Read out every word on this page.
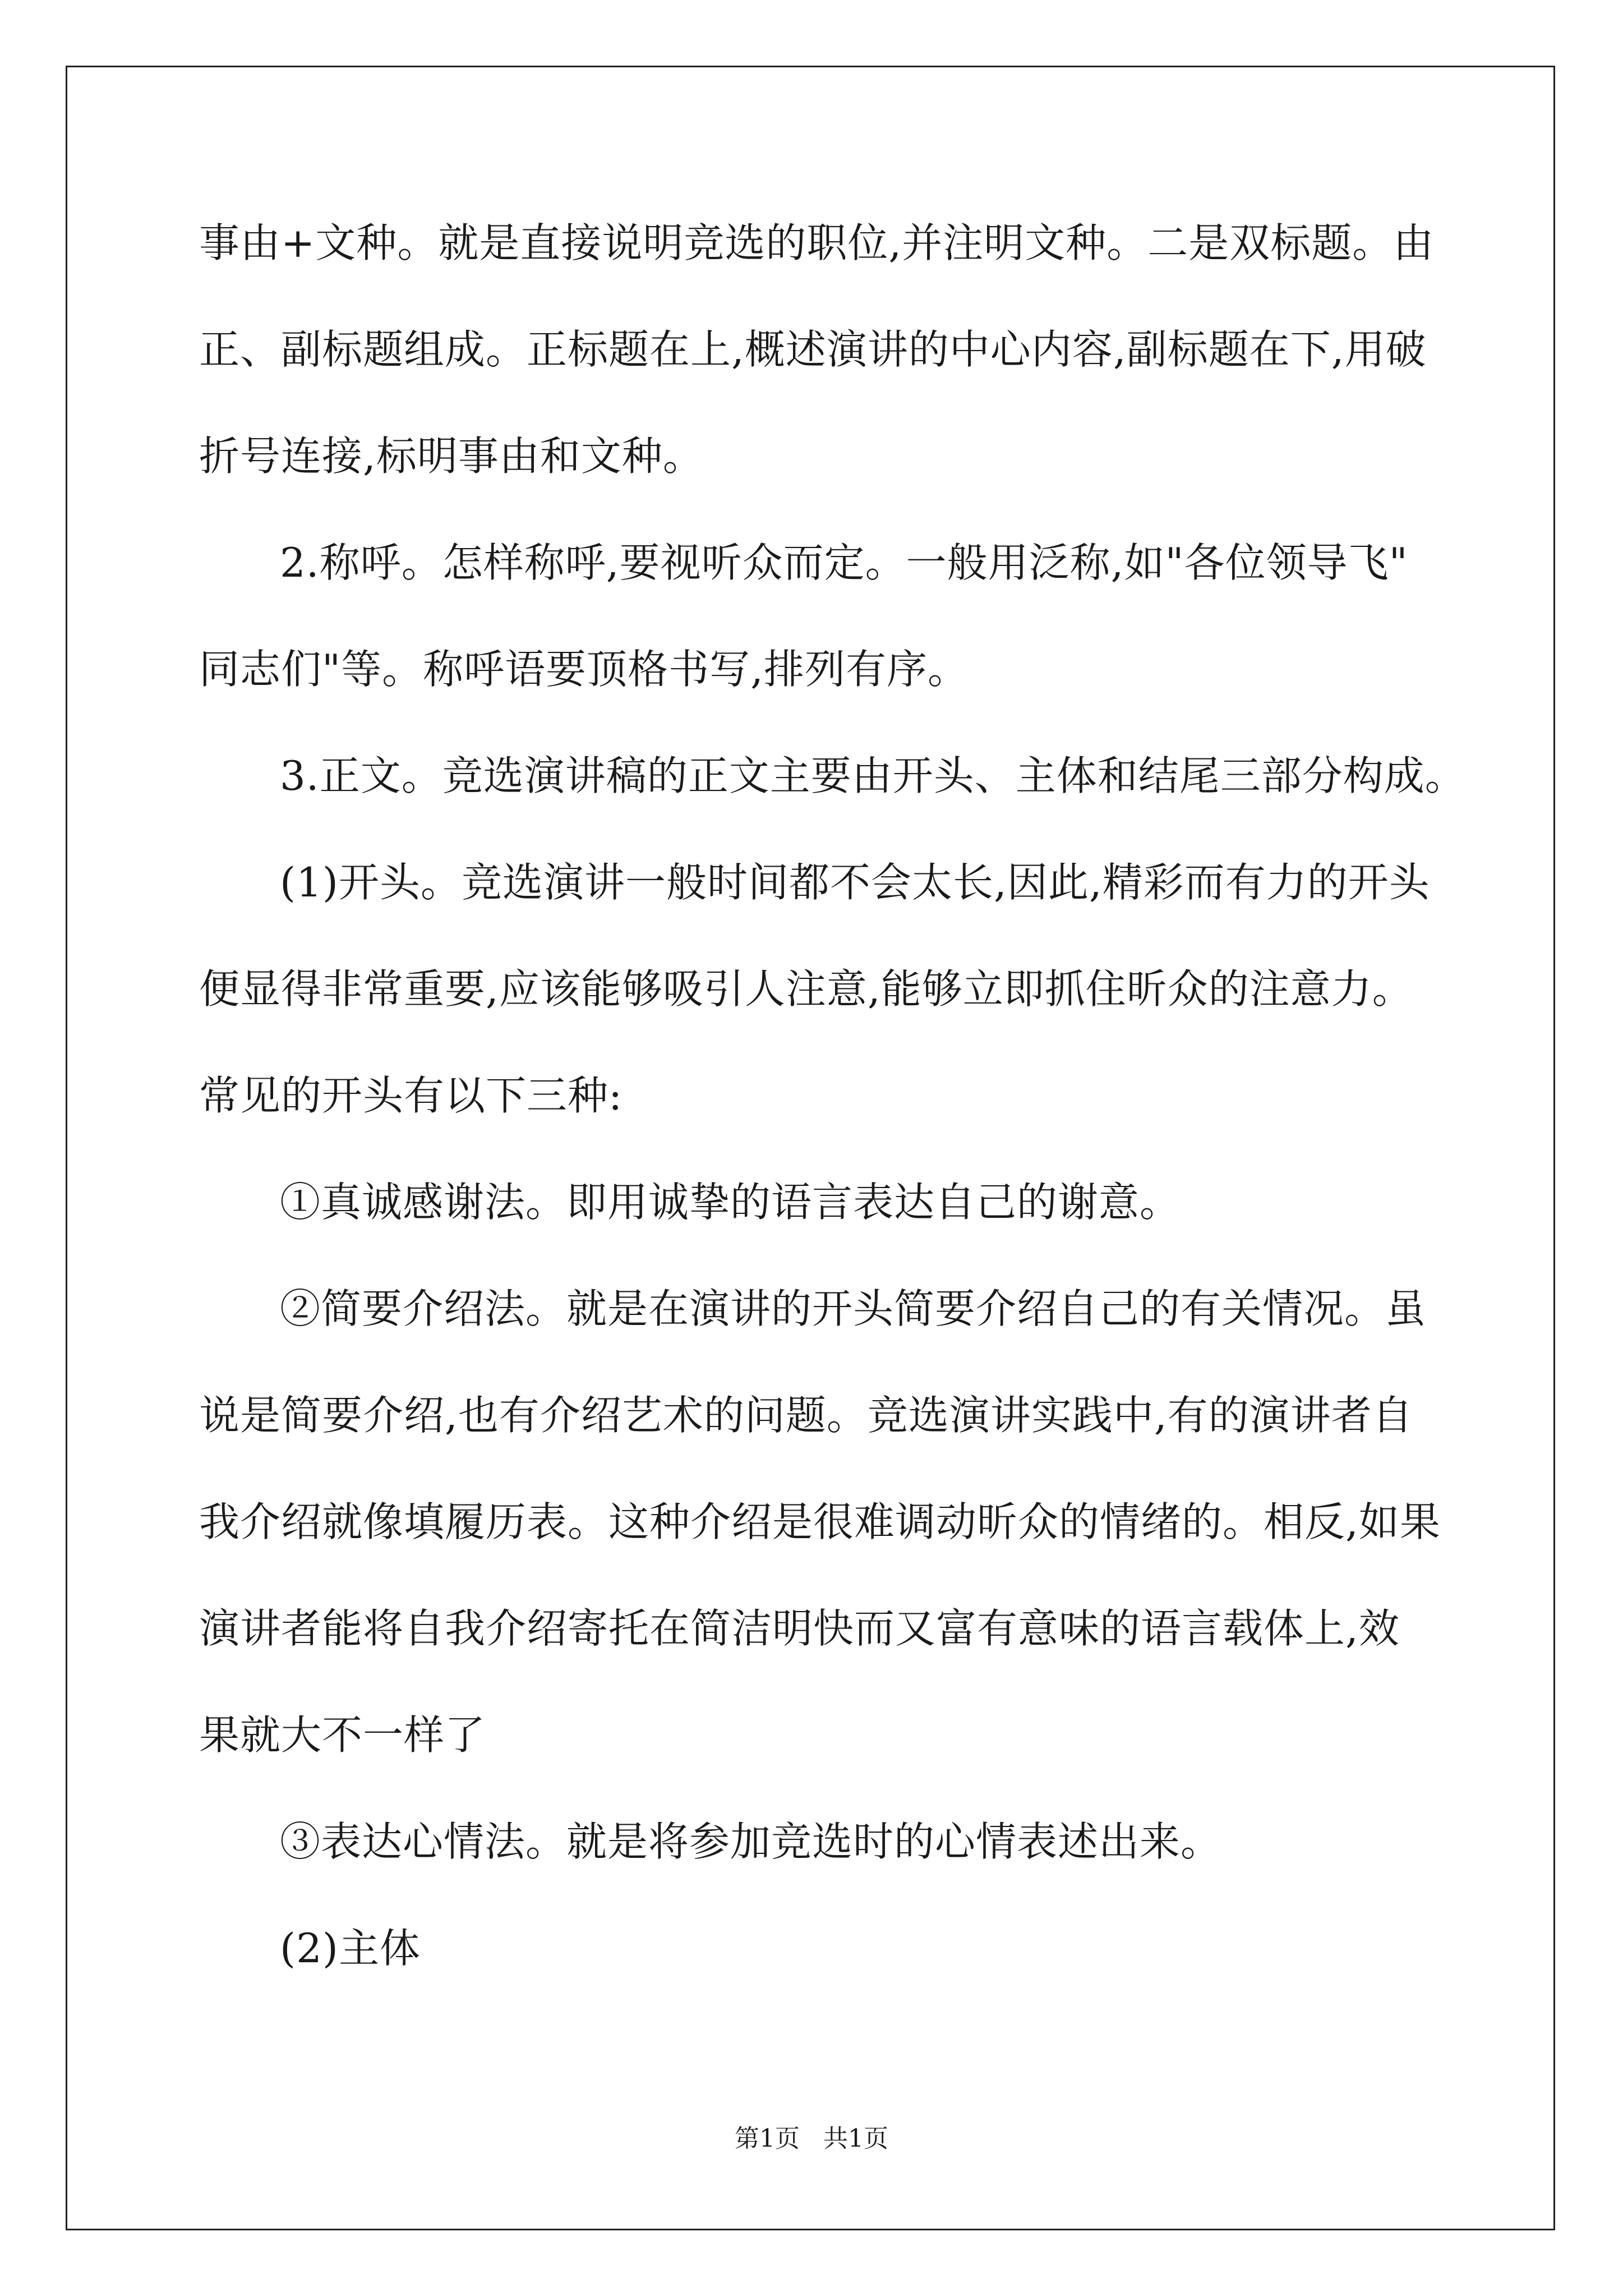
事由+文种。就是直接说明竞选的职位,并注明文种。二是双标题。由
正、副标题组成。正标题在上,概述演讲的中心内容,副标题在下,用破
折号连接,标明事由和文种。
2.称呼。怎样称呼,要视听众而定。一般用泛称,如"各位领导飞"
同志们"等。称呼语要顶格书写,排列有序。
3.正文。竞选演讲稿的正文主要由开头、主体和结尾三部分构成。
(1)开头。竞选演讲一般时间都不会太长,因此,精彩而有力的开头
便显得非常重要,应该能够吸引人注意,能够立即抓住昕众的注意力。
常见的开头有以下三种:
①真诚感谢法。即用诚挚的语言表达自己的谢意。
②简要介绍法。就是在演讲的开头简要介绍自己的有关情况。虽
说是简要介绍,也有介绍艺术的问题。竞选演讲实践中,有的演讲者自
我介绍就像填履历表。这种介绍是很难调动昕众的情绪的。相反,如果
演讲者能将自我介绍寄托在简洁明快而又富有意味的语言载体上,效
果就大不一样了
③表达心情法。就是将参加竞选时的心情表述出来。
(2)主体
第1页   共1页
